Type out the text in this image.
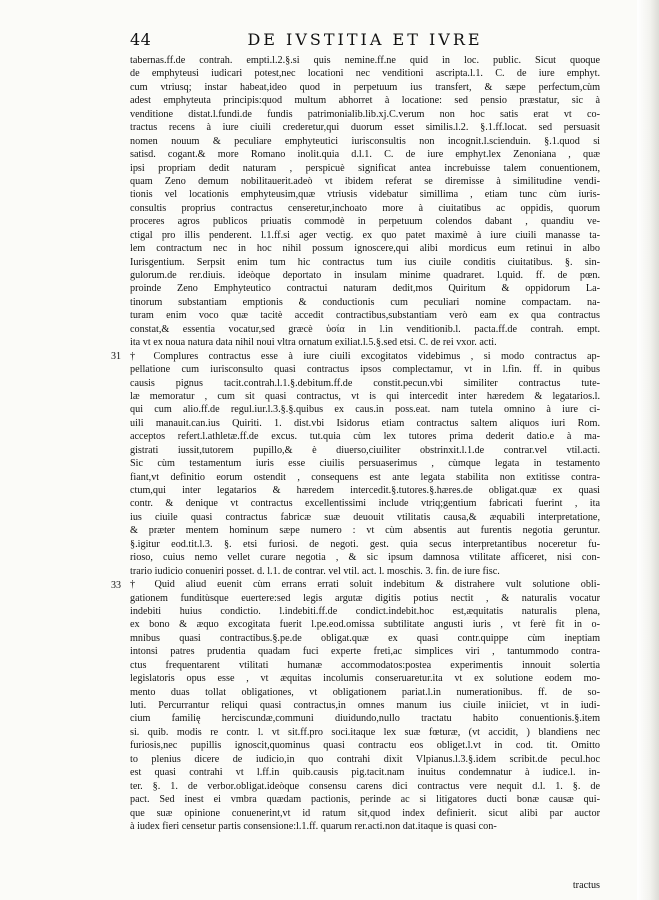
44	DE IVSTITIA ET IVRE
tabernas.ff.de contrah. empti.l.2.§.si quis nemine.ff.ne quid in loc. public. Sicut quoque
de emphyteusi iudicari potest,nec locationi nec venditioni ascripta.l.1. C. de iure emphyt.
cum vtriusq; instar habeat,ideo quod in perpetuum ius transfert, & sæpe perfectum,cùm
adest emphyteuta principis:quod multum abhorret à locatione: sed pensio præstatur, sic à
venditione distat.l.fundi.de fundis patrimonialib.lib.xj.C.verum non hoc satis erat vt co-
tractus recens à iure ciuili crederetur,qui duorum esset similis.l.2. §.1.ff.locat. sed persuasit
nomen nouum & peculiare emphyteutici iurisconsultis non incognit.l.scienduin. §.1.quod si
satisd. cogant.& more Romano inolit.quia d.l.1. C. de iure emphyt.lex Zenoniana , quæ
ipsi propriam dedit naturam , perspicuè significat antea increbuisse talem conuentionem,
quam Zeno demum nobilitauerit.adeò vt ibidem referat se diremisse à similitudine vendi-
tionis vel locationis emphyteusim,quæ vtriusis videbatur simillima , etiam tunc cùm iuris-
consultis proprius contractus censeretur,inchoato more à ciuitatibus ac oppidis, quorum
proceres agros publicos priuatis commodè in perpetuum colendos dabant , quandiu ve-
ctigal pro illis penderent. l.1.ff.si ager vectig. ex quo patet maximè à iure ciuili manasse ta-
lem contractum nec in hoc nihil possum ignoscere,qui alibi mordicus eum retinui in albo
Iurisgentium. Serpsit enim tum hic contractus tum ius ciuile conditis ciuitatibus. §. sin-
gulorum.de rer.diuis. ideòque deportato in insulam minime quadraret. l.quid. ff. de pœn.
proinde Zeno Emphyteutico contractui naturam dedit,mos Quiritum & oppidorum La-
tinorum substantiam emptionis & conductionis cum peculiari nomine compactam. na-
turam enim voco quæ tacitè accedit contractibus,substantiam verò eam ex qua contractus
constat,& essentia vocatur,sed græcè ὑσία in l.in venditionib.l. pacta.ff.de contrah. empt.
ita vt ex noua natura data nihil noui vltra ornatum exiliat.l.5.§.sed etsi. C. de rei vxor. acti.
† Complures contractus esse à iure ciuili excogitatos videbimus , si modo contractus ap-
31
pellatione cum iurisconsulto quasi contractus ipsos complectamur, vt in l.fin. ff. in quibus
causis pignus tacit.contrah.l.1.§.debitum.ff.de constit.pecun.vbi similiter contractus tute-
læ memoratur , cum sit quasi contractus, vt is qui intercedit inter hæredem & legatarios.l.
qui cum alio.ff.de regul.iur.l.3.§.§.quibus ex caus.in poss.eat. nam tutela omnino à iure ci-
uili manauit.can.ius Quiriti. 1. dist.vbi Isidorus etiam contractus saltem aliquos iuri Rom.
acceptos refert.l.athletæ.ff.de excus. tut.quia cùm lex tutores prima dederit datio.e à ma-
gistrati iussit,tutorem pupillo,& è diuerso,ciuiliter obstrinxit.l.1.de contrar.vel vtil.acti.
Sic cùm testamentum iuris esse ciuilis persuaserimus , cùmque legata in testamento
fiant,vt definitio eorum ostendit , consequens est ante legata stabilita non extitisse contra-
ctum,qui inter legatarios & hæredem intercedit.§.tutores.§.hæres.de obligat.quæ ex quasi
contr. & denique vt contractus excellentissimi include vtriq;gentium fabricati fuerint , ita
ius ciuile quasi contractus fabricæ suæ deuouit vtilitatis causa,& æquabili interpretatione,
& præter mentem hominum sæpe numero : vt cùm absentis aut furentis negotia geruntur.
§.igitur eod.tit.l.3. §. etsi furiosi. de negoti. gest. quia secus interpretantibus noceretur fu-
rioso, cuius nemo vellet curare negotia , & sic ipsum damnosa vtilitate afficeret, nisi con-
trario iudicio conueniri posset. d. l.1. de contrar. vel vtil. act. l. moschis. 3. fin. de iure fisc.
† Quid aliud euenit cùm errans errati soluit indebitum & distrahere vult solutione obli-
33
gationem funditùsque euertere:sed legis argutæ digitis potius nectit , & naturalis vocatur
indebiti huius condictio. l.indebiti.ff.de condict.indebit.hoc est,æquitatis naturalis plena,
ex bono & æquo excogitata fuerit l.pe.eod.omissa subtilitate angusti iuris , vt ferè fit in o-
mnibus quasi contractibus.§.pe.de obligat.quæ ex quasi contr.quippe cùm ineptiam
intonsi patres prudentia quadam fuci experte freti,ac simplices viri , tantummodo contra-
ctus frequentarent vtilitati humanæ accommodatos:postea experimentis innouit solertia
legislatoris opus esse , vt æquitas incolumis conseruaretur.ita vt ex solutione eodem mo-
mento duas tollat obligationes, vt obligationem pariat.l.in numerationibus. ff. de so-
luti. Percurrantur reliqui quasi contractus,in omnes manum ius ciuile iniiciet, vt in iudi-
cium familię herciscundæ,communi diuidundo,nullo tractatu habito conuentionis.§.item
si. quib. modis re contr. l. vt sit.ff.pro soci.itaque lex suæ fœturæ, (vt accidit, ) blandiens nec
furiosis,nec pupillis ignoscit,quominus quasi contractu eos obliget.l.vt in cod. tit. Omitto
to plenius dicere de iudicio,in quo contrahi dixit Vlpianus.l.3.§.idem scribit.de pecul.hoc
est quasi contrahi vt l.ff.in quib.causis pig.tacit.nam inuitus condemnatur à iudice.l. in-
ter. §. 1. de verbor.obligat.ideòque consensu carens dici contractus vere nequit d.l. 1. §. de
pact. Sed inest ei vmbra quædam pactionis, perinde ac si litigatores ducti bonæ causæ qui-
que suæ opinione conuenerint,vt id ratum sit,quod index definierit. sicut alibi par auctor
à iudex fieri censetur partis consensione:l.1.ff. quarum rer.acti.non dat.itaque is quasi con-
tractus
